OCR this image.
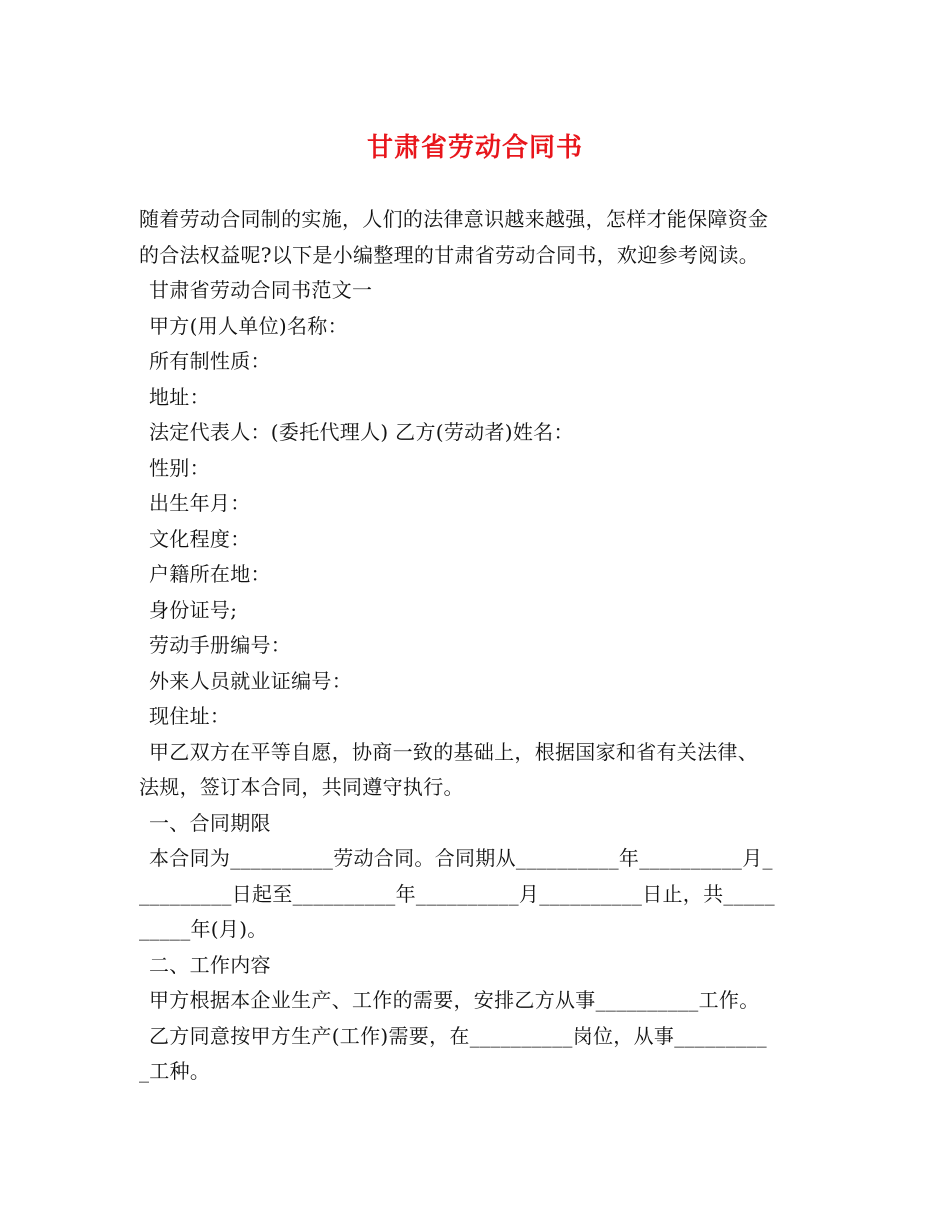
甘肃省劳动合同书
随着劳动合同制的实施，人们的法律意识越来越强，怎样才能保障资金
的合法权益呢?以下是小编整理的甘肃省劳动合同书，欢迎参考阅读。
甘肃省劳动合同书范文一
甲方(用人单位)名称：
所有制性质：
地址：
法定代表人：(委托代理人) 乙方(劳动者)姓名：
性别：
出生年月：
文化程度：
户籍所在地：
身份证号;
劳动手册编号：
外来人员就业证编号：
现住址：
甲乙双方在平等自愿，协商一致的基础上，根据国家和省有关法律、
法规，签订本合同，共同遵守执行。
一、合同期限
本合同为__________劳动合同。合同期从__________年__________月_
_________日起至__________年__________月__________日止，共_____
_____年(月)。
二、工作内容
甲方根据本企业生产、工作的需要，安排乙方从事__________工作。
乙方同意按甲方生产(工作)需要，在__________岗位，从事_________
_工种。
